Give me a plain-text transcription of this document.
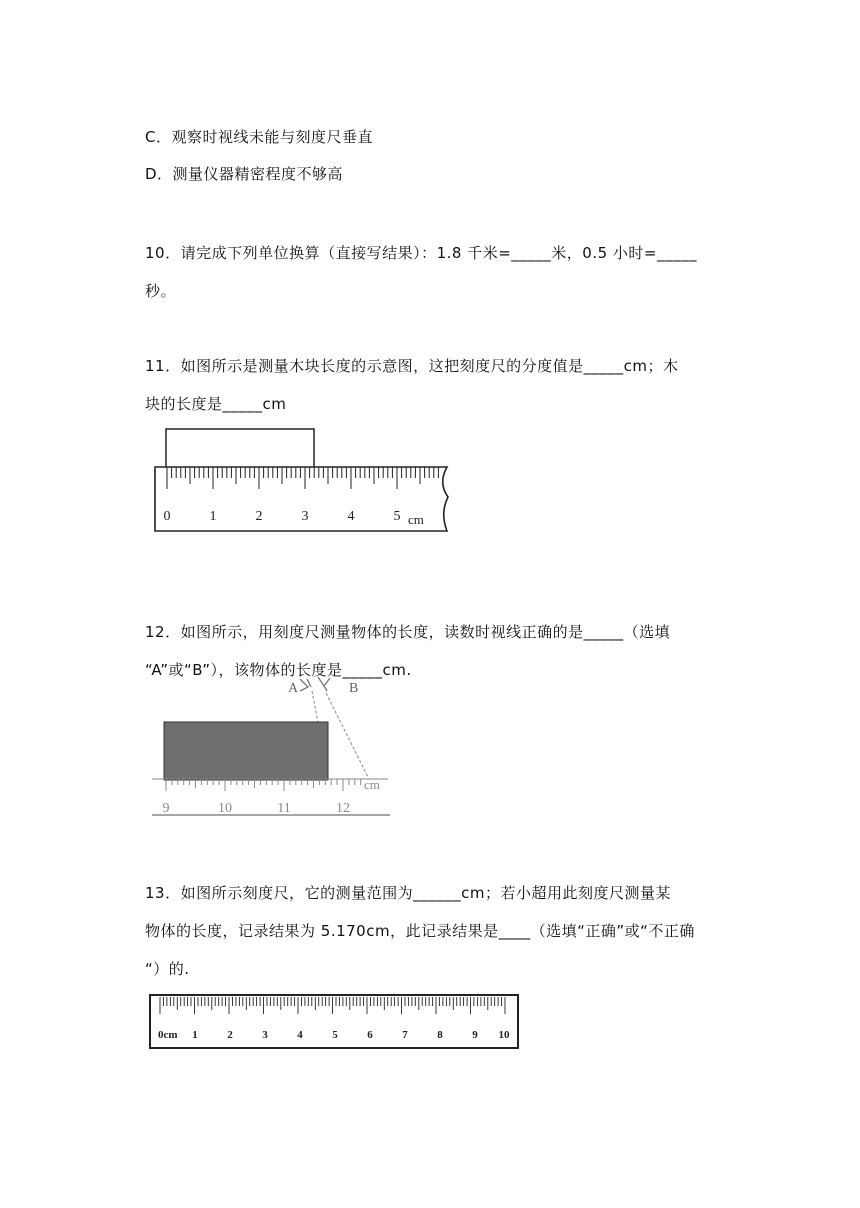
C．观察时视线未能与刻度尺垂直
D．测量仪器精密程度不够高
10．请完成下列单位换算（直接写结果）：1.8 千米=_____米，0.5 小时=_____
秒。
11．如图所示是测量木块长度的示意图，这把刻度尺的分度值是_____cm；木
块的长度是_____cm
0	1	2	3	4	5 cm
12．如图所示，用刻度尺测量物体的长度，读数时视线正确的是_____（选填
“A”或“B”），该物体的长度是_____cm.
A	B
9	10	11	12
cm
13．如图所示刻度尺，它的测量范围为______cm；若小超用此刻度尺测量某
物体的长度，记录结果为 5.170cm，此记录结果是____（选填“正确”或“不正确
“）的.
0cm 1	2	3	4	5	6	7	8	9 10
